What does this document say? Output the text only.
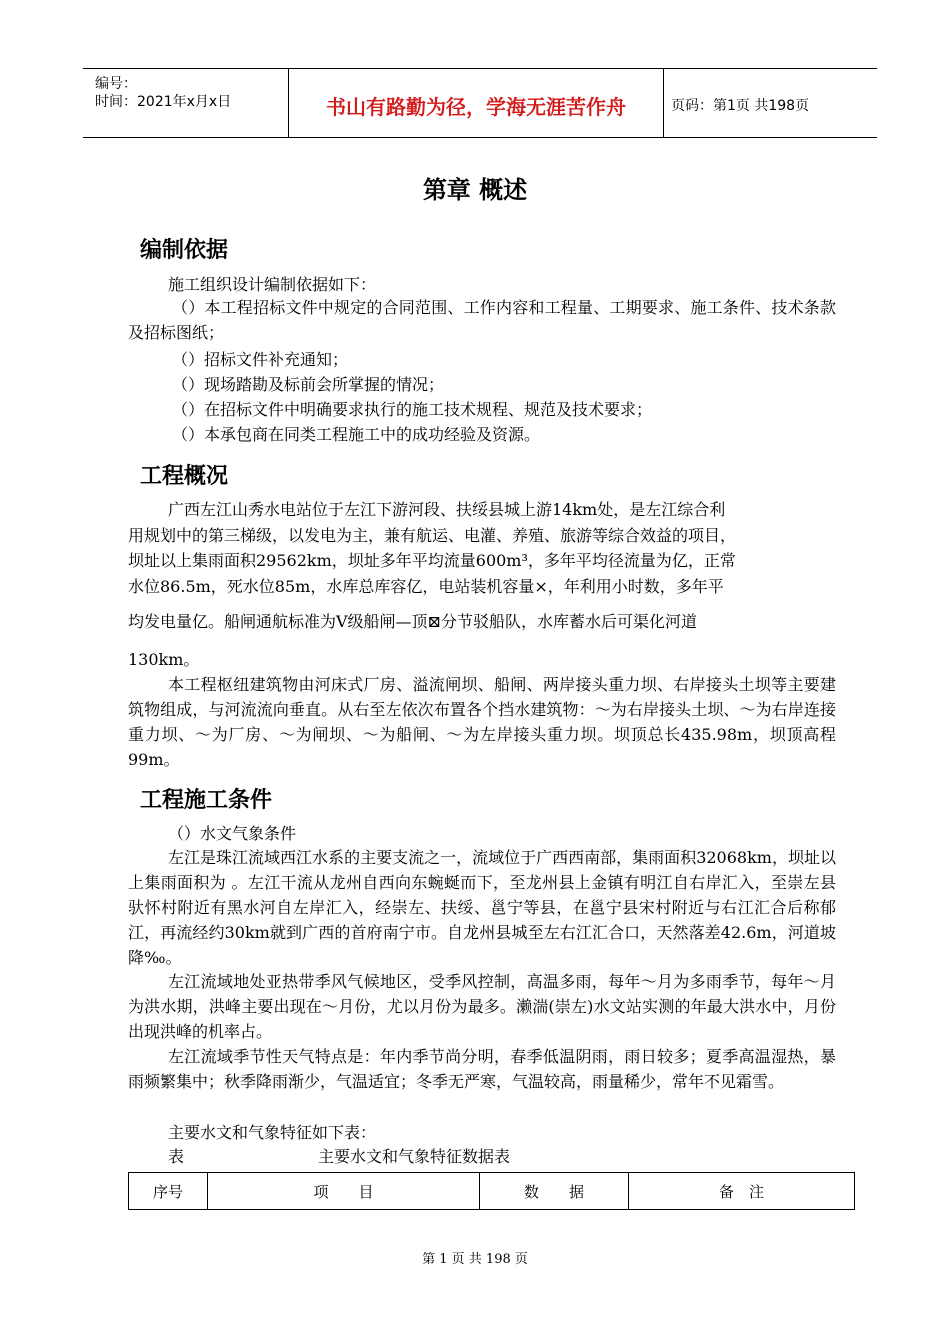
编号：
时间：2021年x月x日	书山有路勤为径，学海无涯苦作舟	页码：第1页 共198页
第章 概述
编制依据
施工组织设计编制依据如下：
（）本工程招标文件中规定的合同范围、工作内容和工程量、工期要求、施工条件、技术条款及招标图纸；
（）招标文件补充通知；
（）现场踏勘及标前会所掌握的情况；
（）在招标文件中明确要求执行的施工技术规程、规范及技术要求；
（）本承包商在同类工程施工中的成功经验及资源。
工程概况
广西左江山秀水电站位于左江下游河段、扶绥县城上游14km处，是左江综合利
用规划中的第三梯级，以发电为主，兼有航运、电灌、养殖、旅游等综合效益的项目，
坝址以上集雨面积29562km，坝址多年平均流量600m³，多年平均径流量为亿，正常
水位86.5m，死水位85m，水库总库容亿，电站装机容量×，年利用小时数，多年平
均发电量亿。船闸通航标准为Ⅴ级船闸—顶⊠分节驳船队，水库蓄水后可渠化河道
130km。
本工程枢纽建筑物由河床式厂房、溢流闸坝、船闸、两岸接头重力坝、右岸接头土坝等主要建筑物组成，与河流流向垂直。从右至左依次布置各个挡水建筑物：～为右岸接头土坝、～为右岸连接重力坝、～为厂房、～为闸坝、～为船闸、～为左岸接头重力坝。坝顶总长435.98m，坝顶高程99m。
工程施工条件
（）水文气象条件
左江是珠江流域西江水系的主要支流之一，流域位于广西西南部，集雨面积32068km，坝址以上集雨面积为 。左江干流从龙州自西向东蜿蜒而下，至龙州县上金镇有明江自右岸汇入，至崇左县驮怀村附近有黑水河自左岸汇入，经崇左、扶绥、邕宁等县，在邕宁县宋村附近与右江汇合后称郁江，再流经约30km就到广西的首府南宁市。自龙州县城至左右江汇合口，天然落差42.6m，河道坡降‰。
左江流域地处亚热带季风气候地区，受季风控制，高温多雨，每年～月为多雨季节，每年～月为洪水期，洪峰主要出现在～月份，尤以月份为最多。濑湍(崇左)水文站实测的年最大洪水中，月份出现洪峰的机率占。
左江流域季节性天气特点是：年内季节尚分明，春季低温阴雨，雨日较多；夏季高温湿热，暴雨频繁集中；秋季降雨渐少，气温适宜；冬季无严寒，气温较高，雨量稀少，常年不见霜雪。
主要水文和气象特征如下表：
表	主要水文和气象特征数据表
序号	项　　目	数　　据	备　注
第 1 页 共 198 页
